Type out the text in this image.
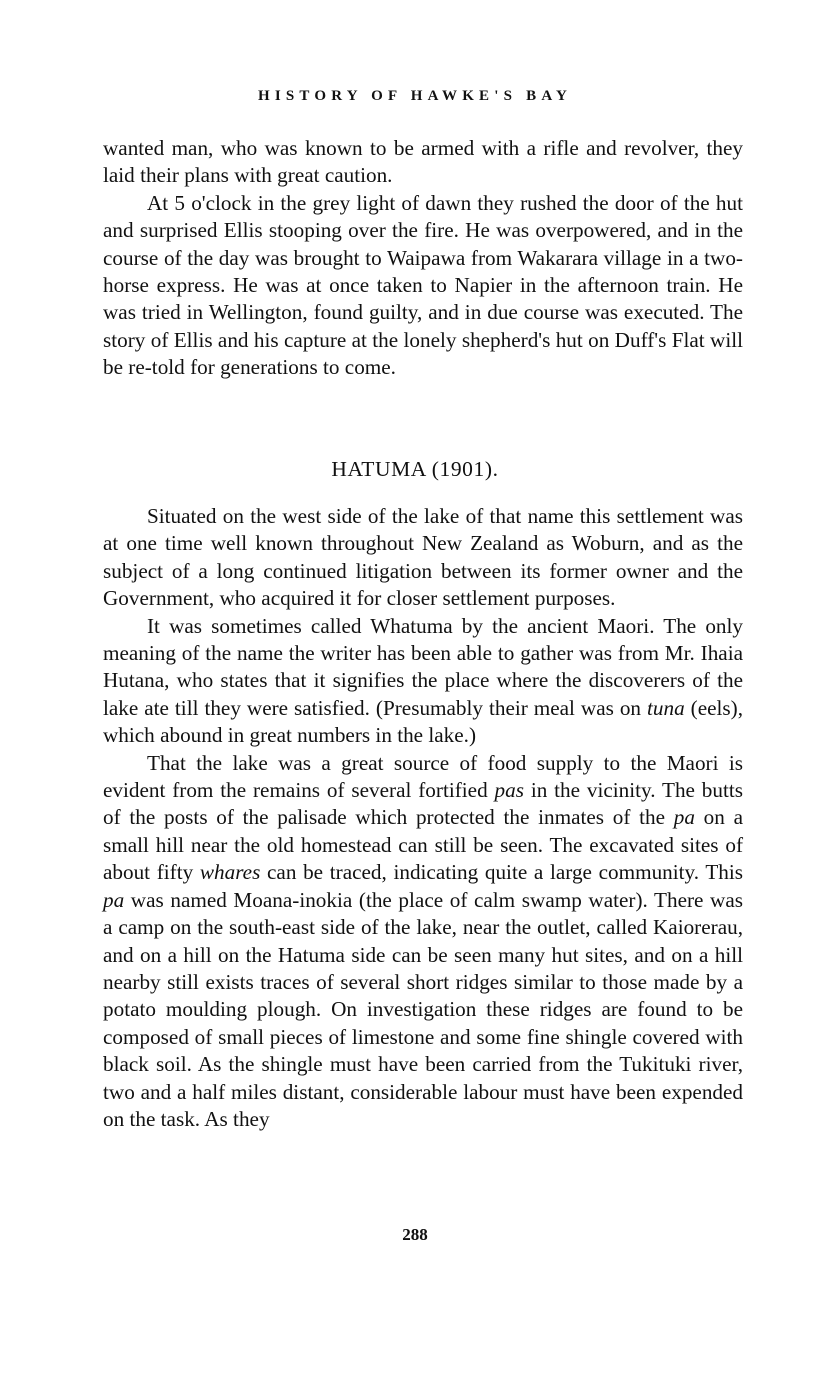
HISTORY OF HAWKE'S BAY

wanted man, who was known to be armed with a rifle and revolver, they laid their plans with great caution.

At 5 o'clock in the grey light of dawn they rushed the door of the hut and surprised Ellis stooping over the fire. He was overpowered, and in the course of the day was brought to Waipawa from Wakarara village in a two-horse express. He was at once taken to Napier in the afternoon train. He was tried in Wellington, found guilty, and in due course was executed. The story of Ellis and his capture at the lonely shepherd's hut on Duff's Flat will be re-told for generations to come.

HATUMA (1901).

Situated on the west side of the lake of that name this settlement was at one time well known throughout New Zealand as Woburn, and as the subject of a long continued litigation between its former owner and the Government, who acquired it for closer settlement purposes.

It was sometimes called Whatuma by the ancient Maori. The only meaning of the name the writer has been able to gather was from Mr. Ihaia Hutana, who states that it signifies the place where the discoverers of the lake ate till they were satisfied. (Presumably their meal was on tuna (eels), which abound in great numbers in the lake.)

That the lake was a great source of food supply to the Maori is evident from the remains of several fortified pas in the vicinity. The butts of the posts of the palisade which protected the inmates of the pa on a small hill near the old homestead can still be seen. The excavated sites of about fifty whares can be traced, indicating quite a large community. This pa was named Moana-inokia (the place of calm swamp water). There was a camp on the south-east side of the lake, near the outlet, called Kaiorerau, and on a hill on the Hatuma side can be seen many hut sites, and on a hill nearby still exists traces of several short ridges similar to those made by a potato moulding plough. On investigation these ridges are found to be composed of small pieces of limestone and some fine shingle covered with black soil. As the shingle must have been carried from the Tukituki river, two and a half miles distant, considerable labour must have been expended on the task. As they

288
